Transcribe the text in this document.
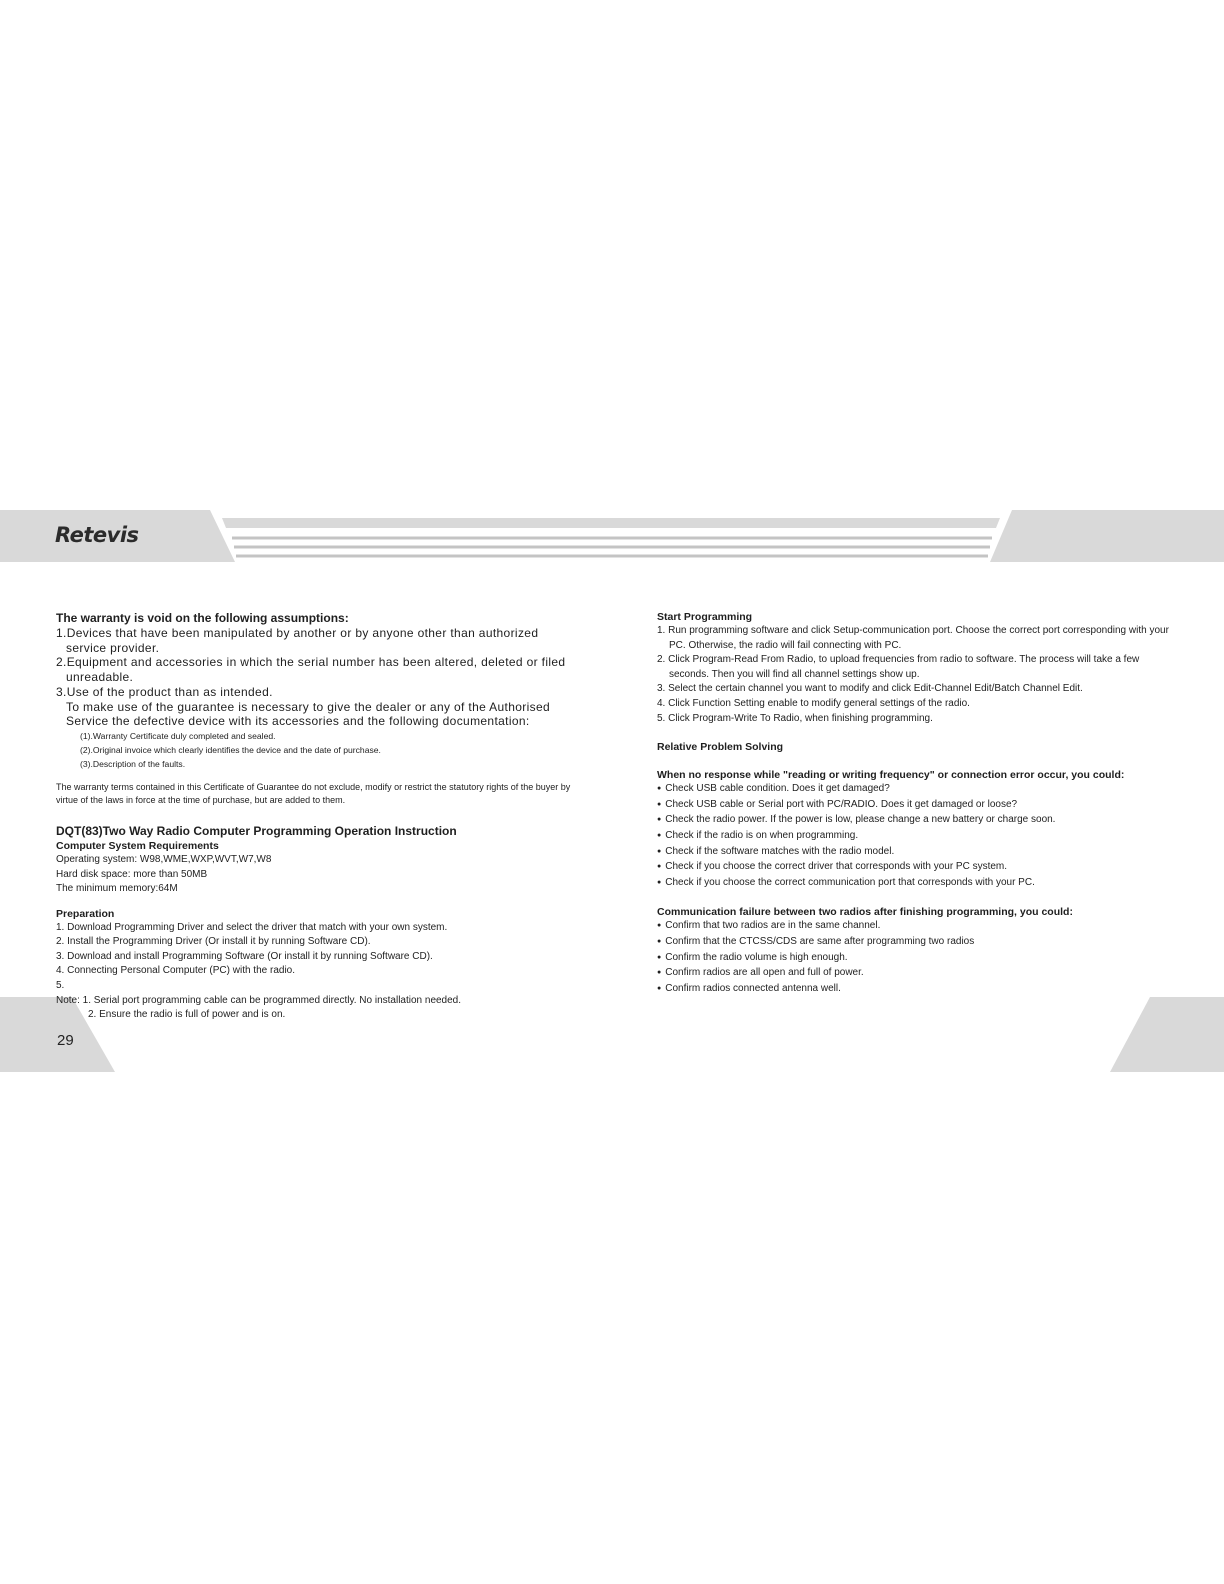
Retevis
29

The warranty is void on the following assumptions:

1.Devices that have been manipulated by another or by anyone other than authorized service provider.

2.Equipment and accessories in which the serial number has been altered, deleted or filed unreadable.

3.Use of the product than as intended.

To make use of the guarantee is necessary to give the dealer or any of the Authorised Service the defective device with its accessories and the following documentation:

(1).Warranty Certificate duly completed and sealed.

(2).Original invoice which clearly identifies the device and the date of purchase.

(3).Description of the faults.

The warranty terms contained in this Certificate of Guarantee do not exclude, modify or restrict the statutory rights of the buyer by virtue of the laws in force at the time of purchase, but are added to them.

DQT(83)Two Way Radio Computer Programming Operation Instruction

Computer System Requirements

Operating system: W98,WME,WXP,WVT,W7,W8

Hard disk space: more than 50MB

The minimum memory:64M

Preparation

1. Download Programming Driver and select the driver that match with your own system.

2. Install the Programming Driver (Or install it by running Software CD).

3. Download and install Programming Software (Or install it by running Software CD).

4. Connecting Personal Computer (PC) with the radio.

5.

Note: 1. Serial port programming cable can be programmed directly. No installation needed.

2. Ensure the radio is full of power and is on.

Start Programming

1. Run programming software and click Setup-communication port. Choose the correct port corresponding with your PC. Otherwise, the radio will fail connecting with PC.

2. Click Program-Read From Radio, to upload frequencies from radio to software. The process will take a few seconds. Then you will find all channel settings show up.

3. Select the certain channel you want to modify and click Edit-Channel Edit/Batch Channel Edit.

4. Click Function Setting enable to modify general settings of the radio.

5. Click Program-Write To Radio, when finishing programming.

Relative Problem Solving

When no response while "reading or writing frequency" or connection error occur, you could:

● Check USB cable condition. Does it get damaged?

● Check USB cable or Serial port with PC/RADIO. Does it get damaged or loose?

● Check the radio power. If the power is low, please change a new battery or charge soon.

● Check if the radio is on when programming.

● Check if the software matches with the radio model.

● Check if you choose the correct driver that corresponds with your PC system.

● Check if you choose the correct communication port that corresponds with your PC.

Communication failure between two radios after finishing programming, you could:

● Confirm that two radios are in the same channel.

● Confirm that the CTCSS/CDS are same after programming two radios

● Confirm the radio volume is high enough.

● Confirm radios are all open and full of power.

● Confirm radios connected antenna well.
